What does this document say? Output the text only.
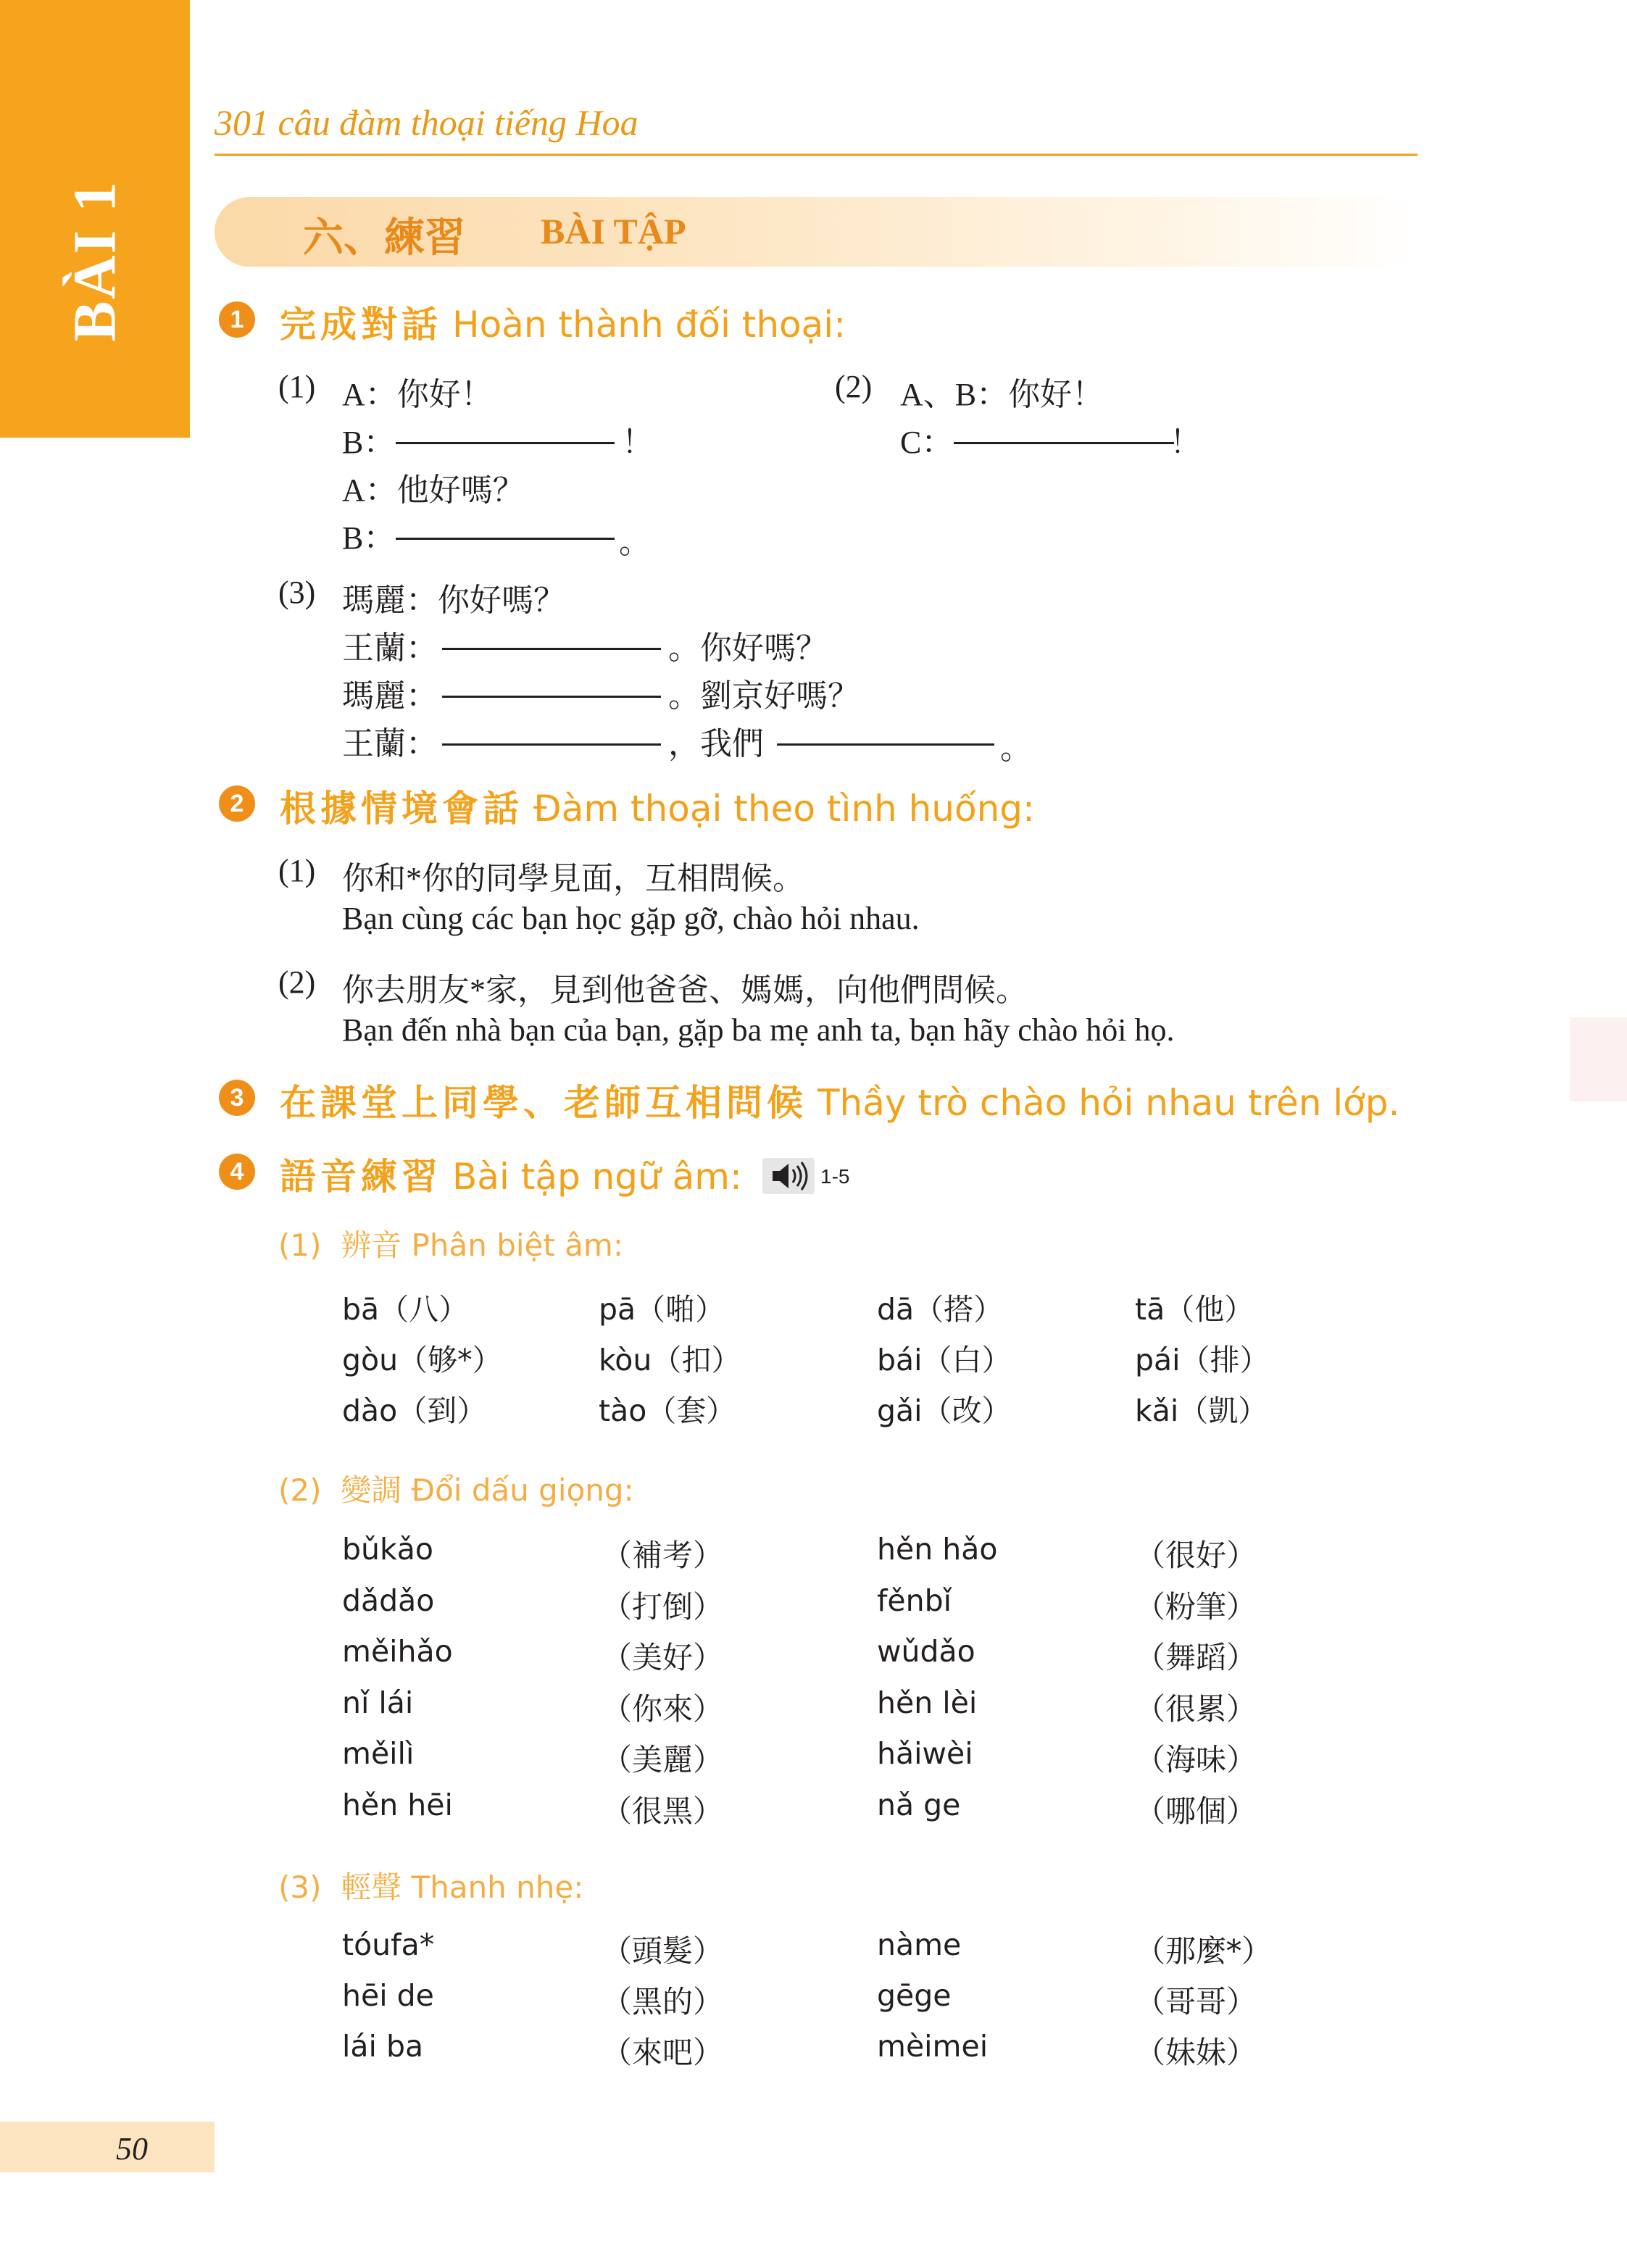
BÀI 1
301 câu đàm thoại tiếng Hoa
六、練習 BÀI TẬP
1 完成對話 Hoàn thành đối thoại:
(1) A：你好！
B：	！
A：他好嗎？
B：	。
(2) A、B：你好！
C：	！
(3) 瑪麗：你好嗎？
王蘭：	。你好嗎？
瑪麗：	。劉京好嗎？
王蘭：	，我們	。
2 根據情境會話 Đàm thoại theo tình huống:
(1) 你和*你的同學見面，互相問候。
Bạn cùng các bạn học gặp gỡ, chào hỏi nhau.
(2) 你去朋友*家，見到他爸爸、媽媽，向他們問候。
Bạn đến nhà bạn của bạn, gặp ba mẹ anh ta, bạn hãy chào hỏi họ.
3 在課堂上同學、老師互相問候 Thầy trò chào hỏi nhau trên lớp.
4 語音練習 Bài tập ngữ âm:	1-5
(1) 辨音 Phân biệt âm:
bā（八）	pā（啪）	dā（搭）	tā（他）
gòu（够*）	kòu（扣）	bái（白）	pái（排）
dào（到）	tào（套）	gǎi（改）	kǎi（凱）
(2) 變調 Đổi dấu giọng:
bǔkǎo	（補考）	hěn hǎo	（很好）
dǎdǎo	（打倒）	fěnbǐ	（粉筆）
měihǎo	（美好）	wǔdǎo	（舞蹈）
nǐ lái	（你來）	hěn lèi	（很累）
měilì	（美麗）	hǎiwèi	（海味）
hěn hēi	（很黑）	nǎ ge	（哪個）
(3) 輕聲 Thanh nhẹ:
tóufa*	（頭髮）	nàme	（那麼*）
hēi de	（黑的）	gēge	（哥哥）
lái ba	（來吧）	mèimei	（妹妹）
50
